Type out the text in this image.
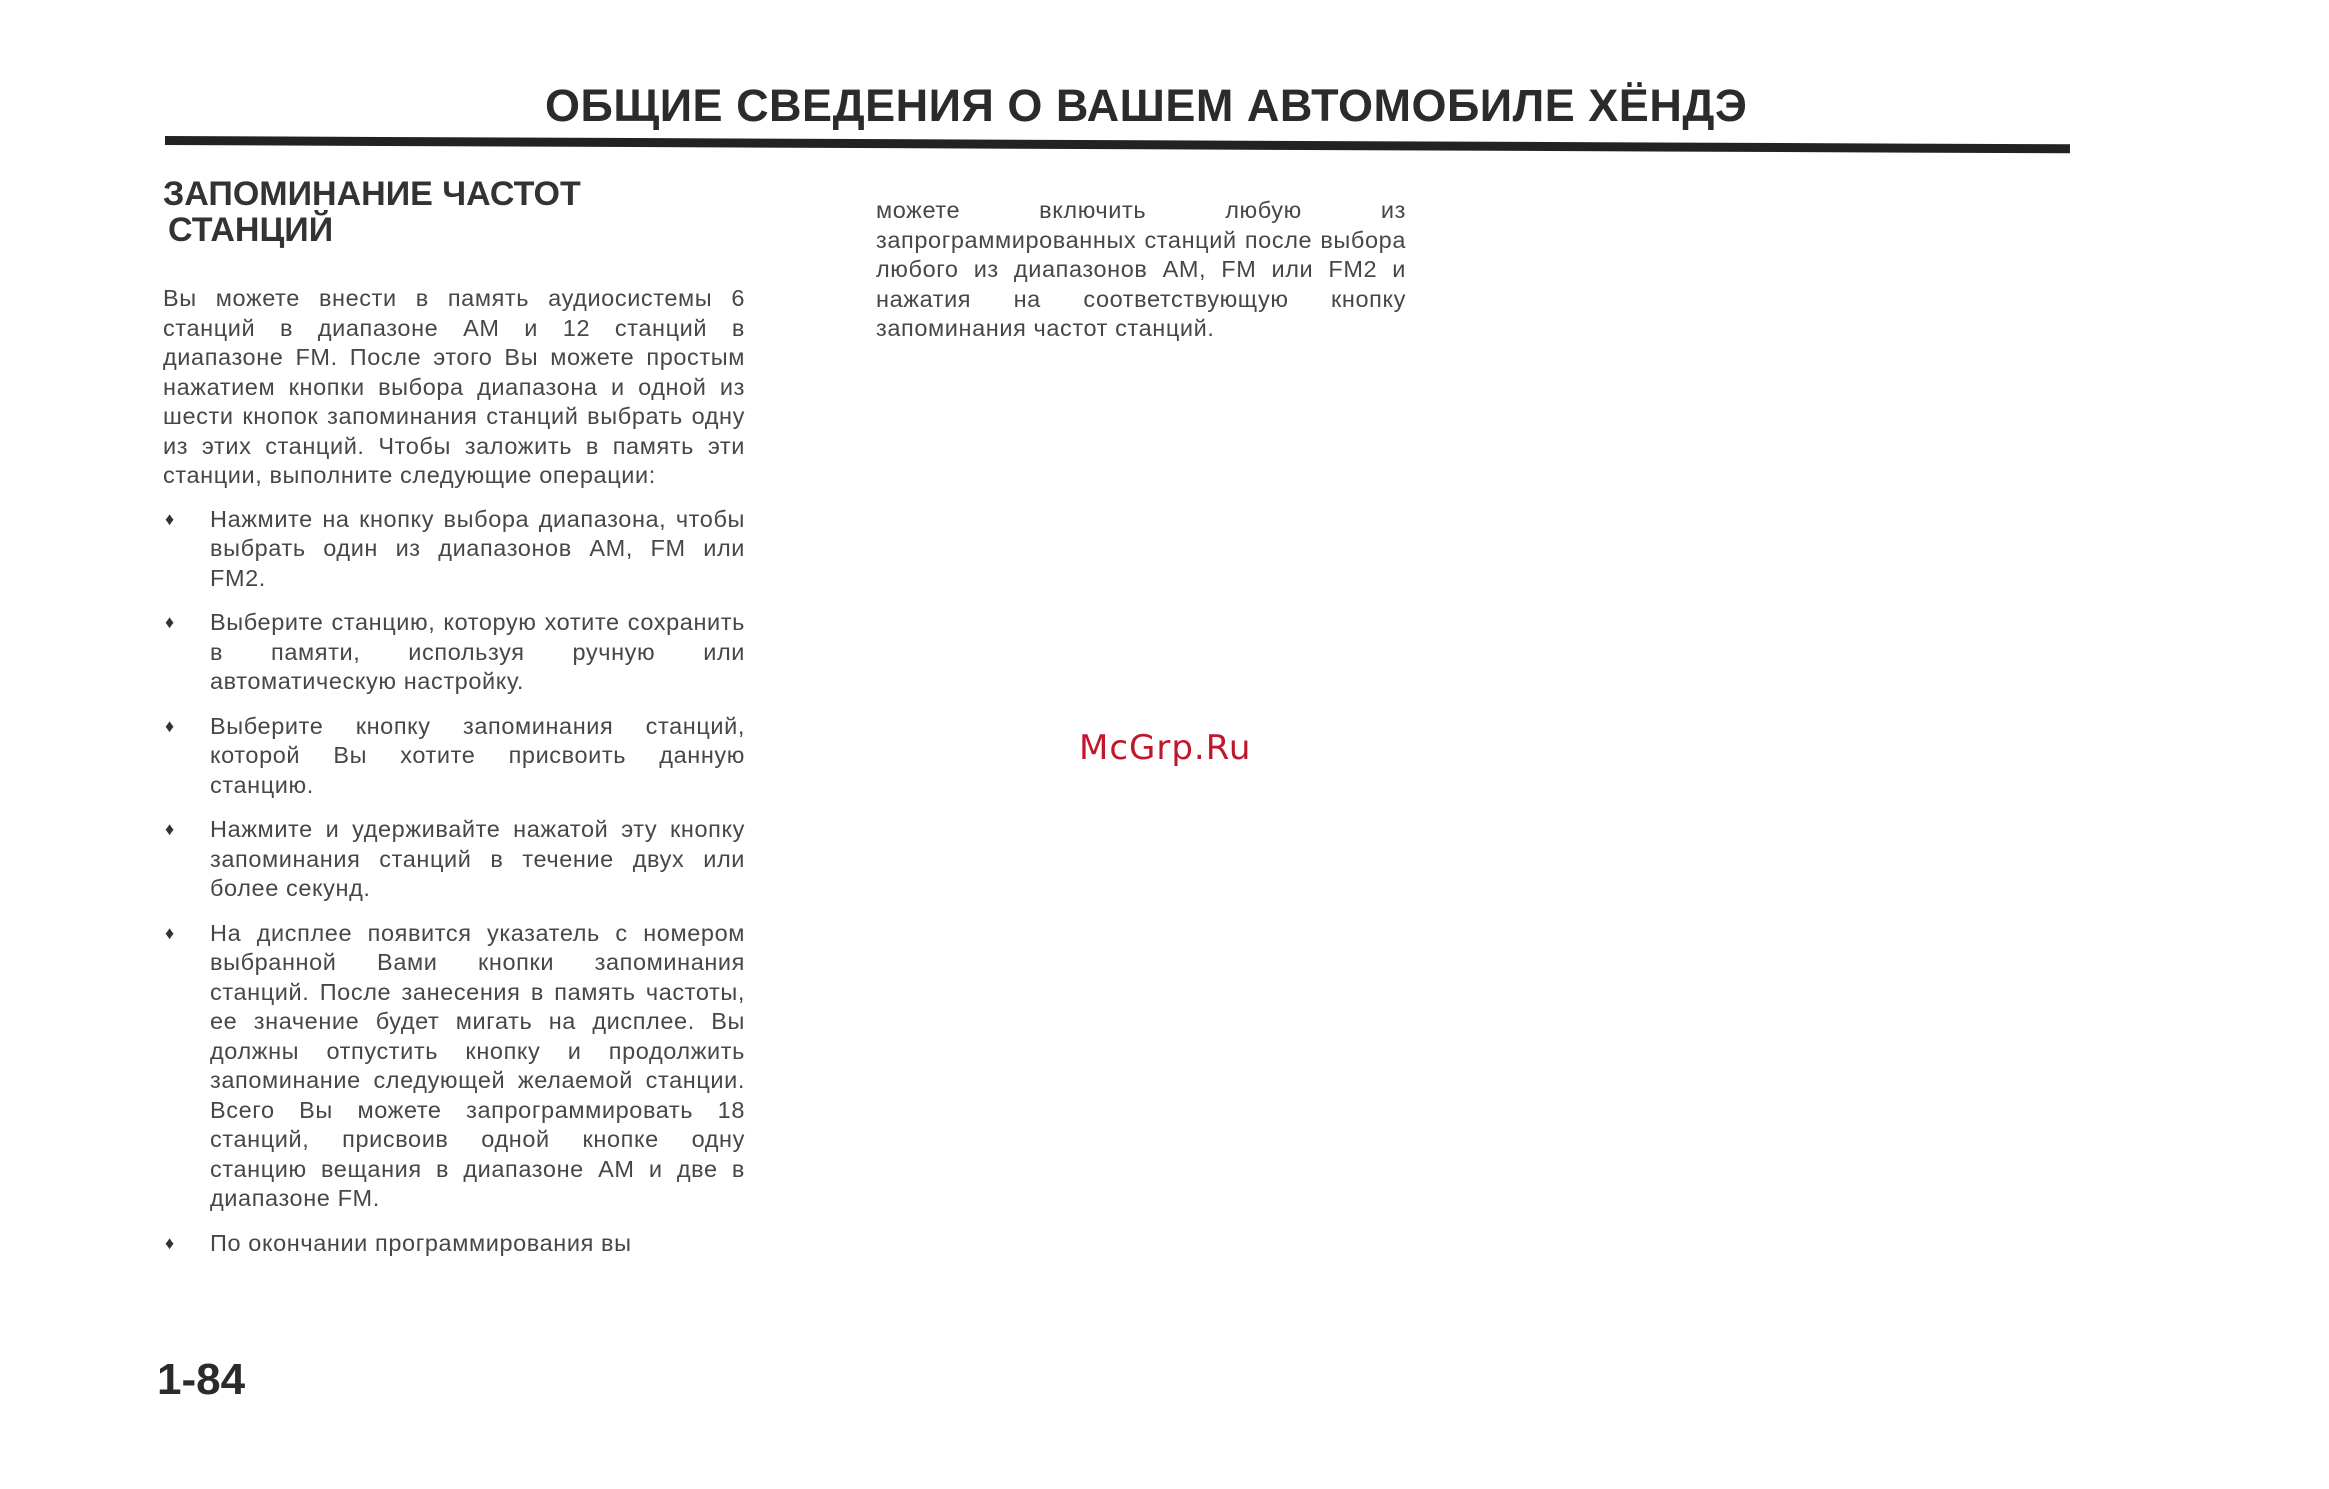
ОБЩИЕ СВЕДЕНИЯ О ВАШЕМ АВТОМОБИЛЕ ХЁНДЭ
ЗАПОМИНАНИЕ ЧАСТОТ
СТАНЦИЙ

Вы можете внести в память аудиосистемы 6 станций в диапазоне АМ и 12 станций в диапазоне FM. После этого Вы можете простым нажатием кнопки выбора диапазона и одной из шести кнопок запоминания станций выбрать одну из этих станций. Чтобы заложить в память эти станции, выполните следующие операции:

♦ Нажмите на кнопку выбора диапазона, чтобы выбрать один из диапазонов АМ, FM или FM2.
♦ Выберите станцию, которую хотите сохранить в памяти, используя ручную или автоматическую настройку.
♦ Выберите кнопку запоминания станций, которой Вы хотите присвоить данную станцию.
♦ Нажмите и удерживайте нажатой эту кнопку запоминания станций в течение двух или более секунд.
♦ На дисплее появится указатель с номером выбранной Вами кнопки запоминания станций. После занесения в память частоты, ее значение будет мигать на дисплее. Вы должны отпустить кнопку и продолжить запоминание следующей желаемой станции. Всего Вы можете запрограммировать 18 станций, присвоив одной кнопке одну станцию вещания в диапазоне АМ и две в диапазоне FM.
♦ По окончании программирования вы

можете включить любую из запрограммированных станций после выбора любого из диапазонов АМ, FM или FM2 и нажатия на соответствующую кнопку запоминания частот станций.

McGrp.Ru
1-84
